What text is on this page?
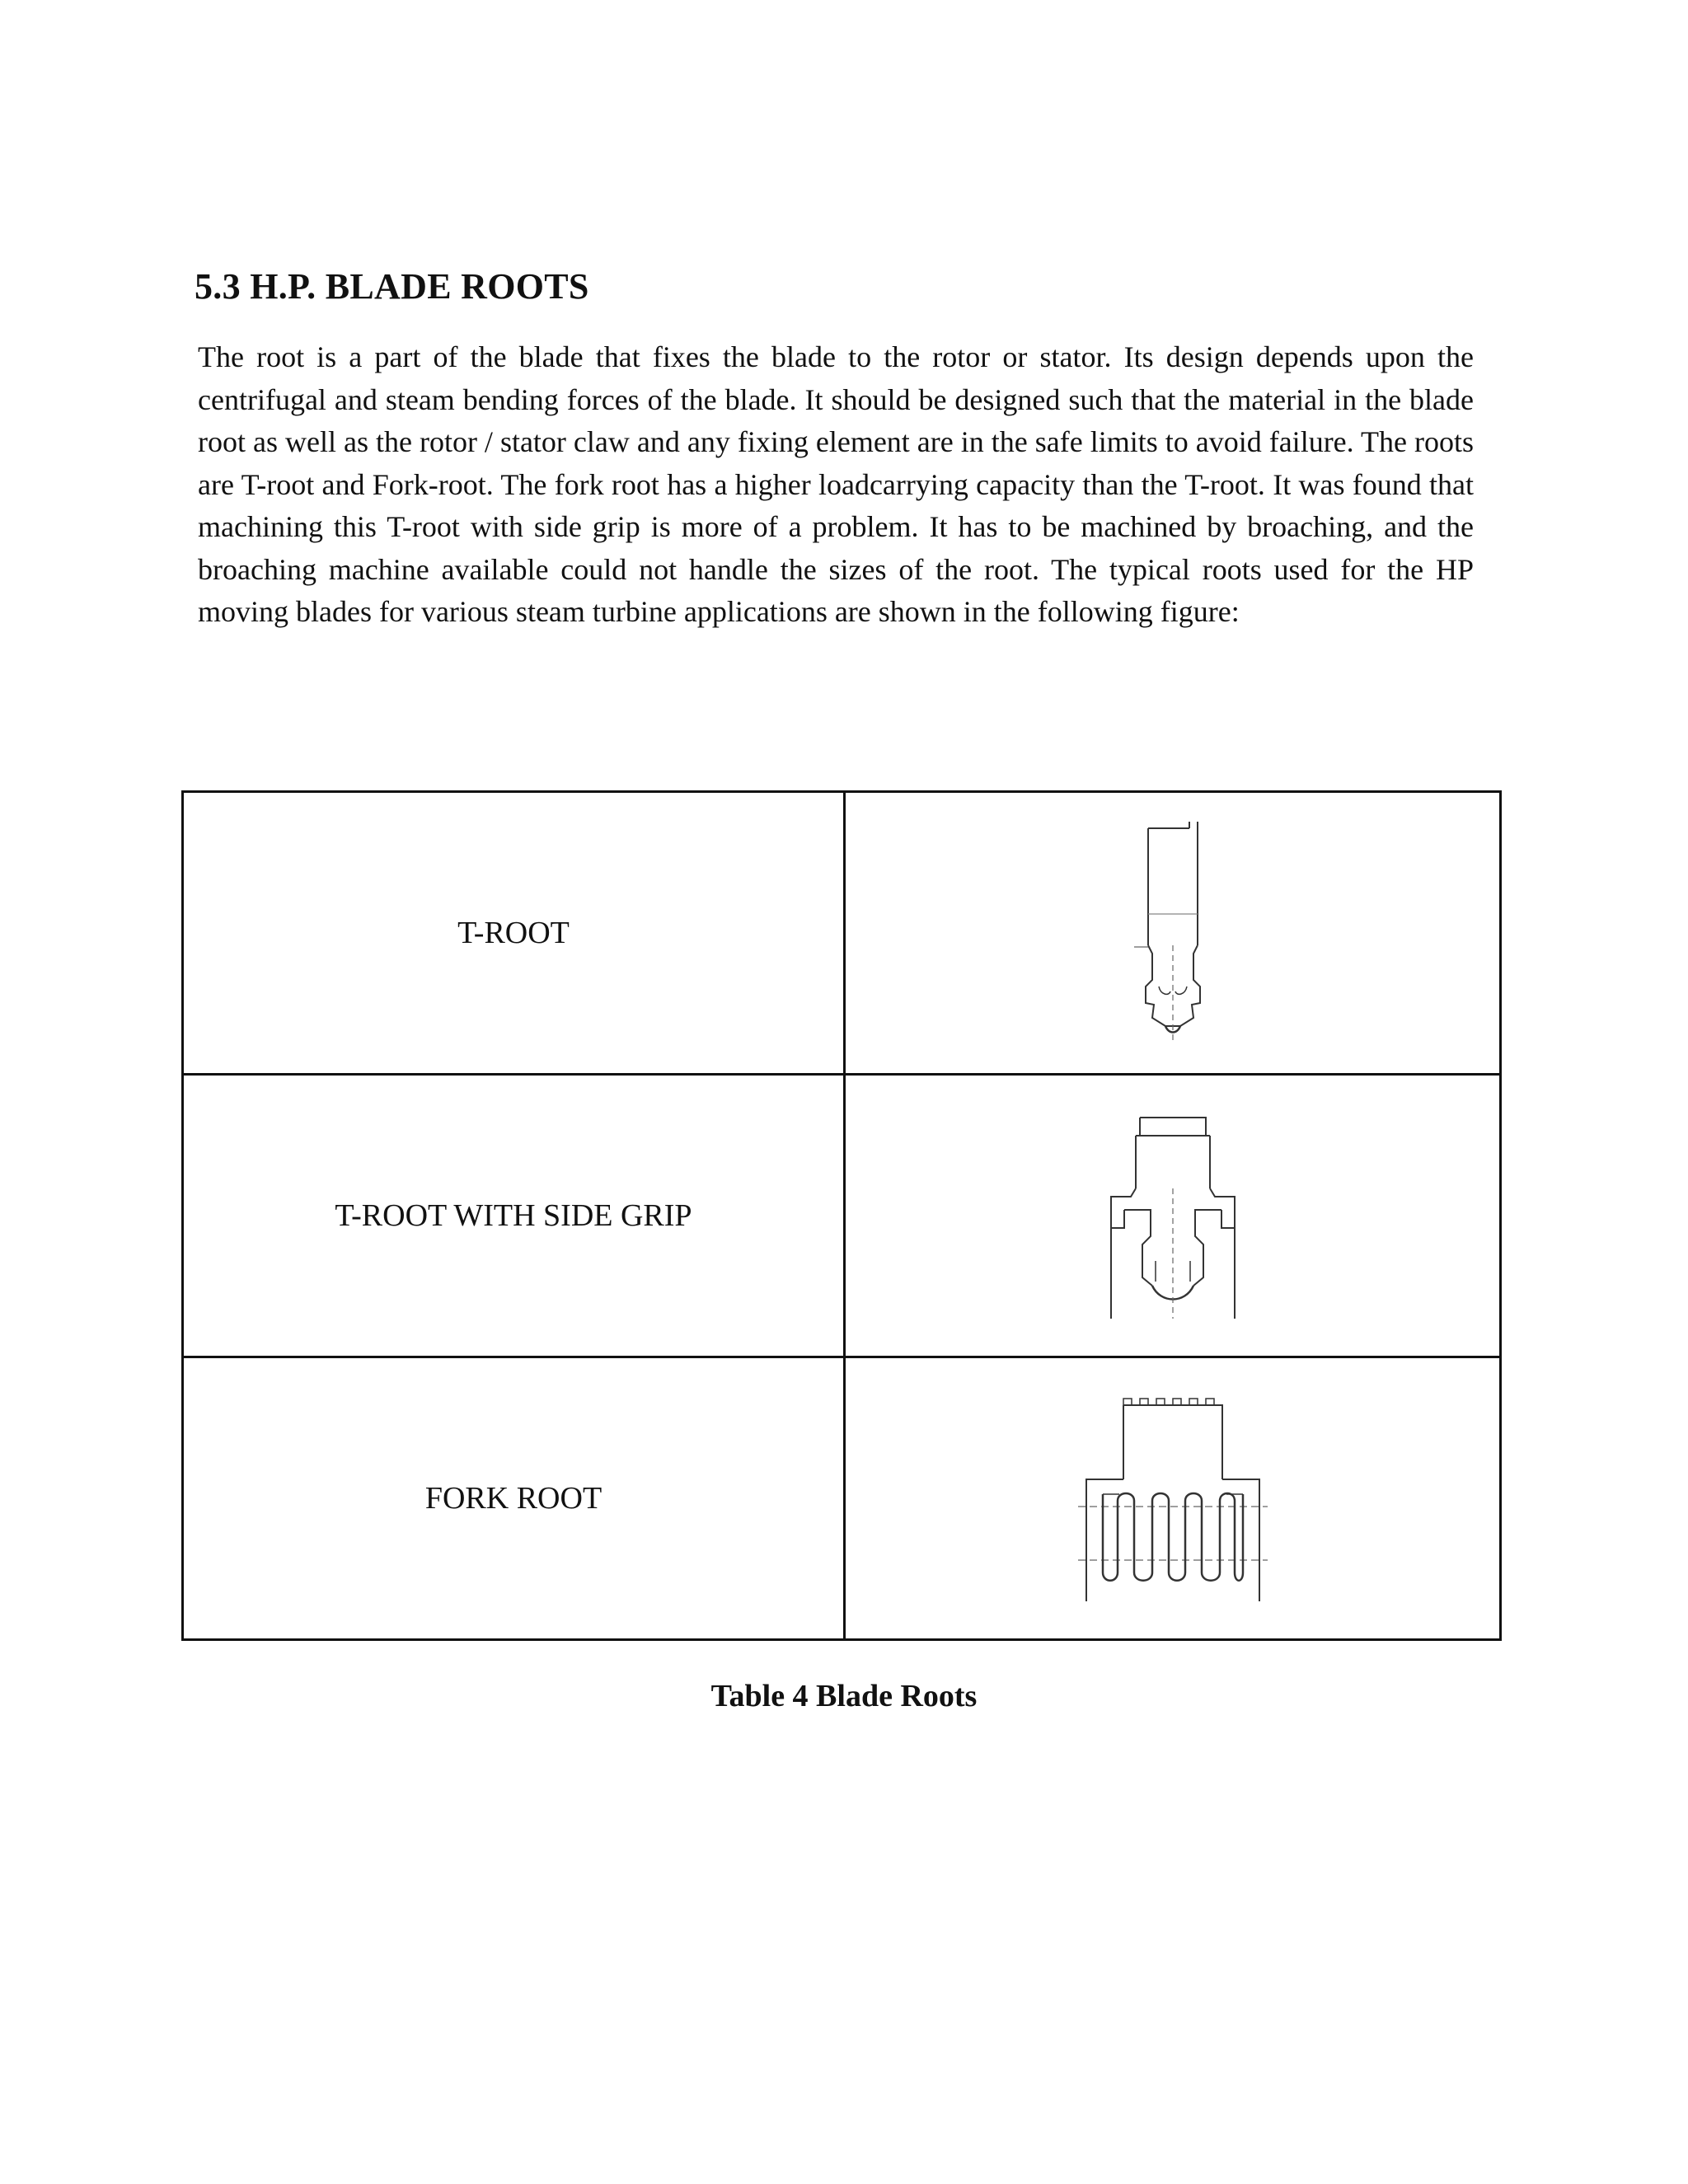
5.3 H.P. BLADE ROOTS

The root is a part of the blade that fixes the blade to the rotor or stator. Its design depends upon the centrifugal and steam bending forces of the blade. It should be designed such that the material in the blade root as well as the rotor / stator claw and any fixing element are in the safe limits to avoid failure. The roots are T-root and Fork-root. The fork root has a higher loadcarrying capacity than the T-root. It was found that machining this T-root with side grip is more of a problem. It has to be machined by broaching, and the broaching machine available could not handle the sizes of the root. The typical roots used for the HP moving blades for various steam turbine applications are shown in the following figure:

T-ROOT	

T-ROOT WITH SIDE GRIP	

FORK ROOT	

Table 4 Blade Roots
